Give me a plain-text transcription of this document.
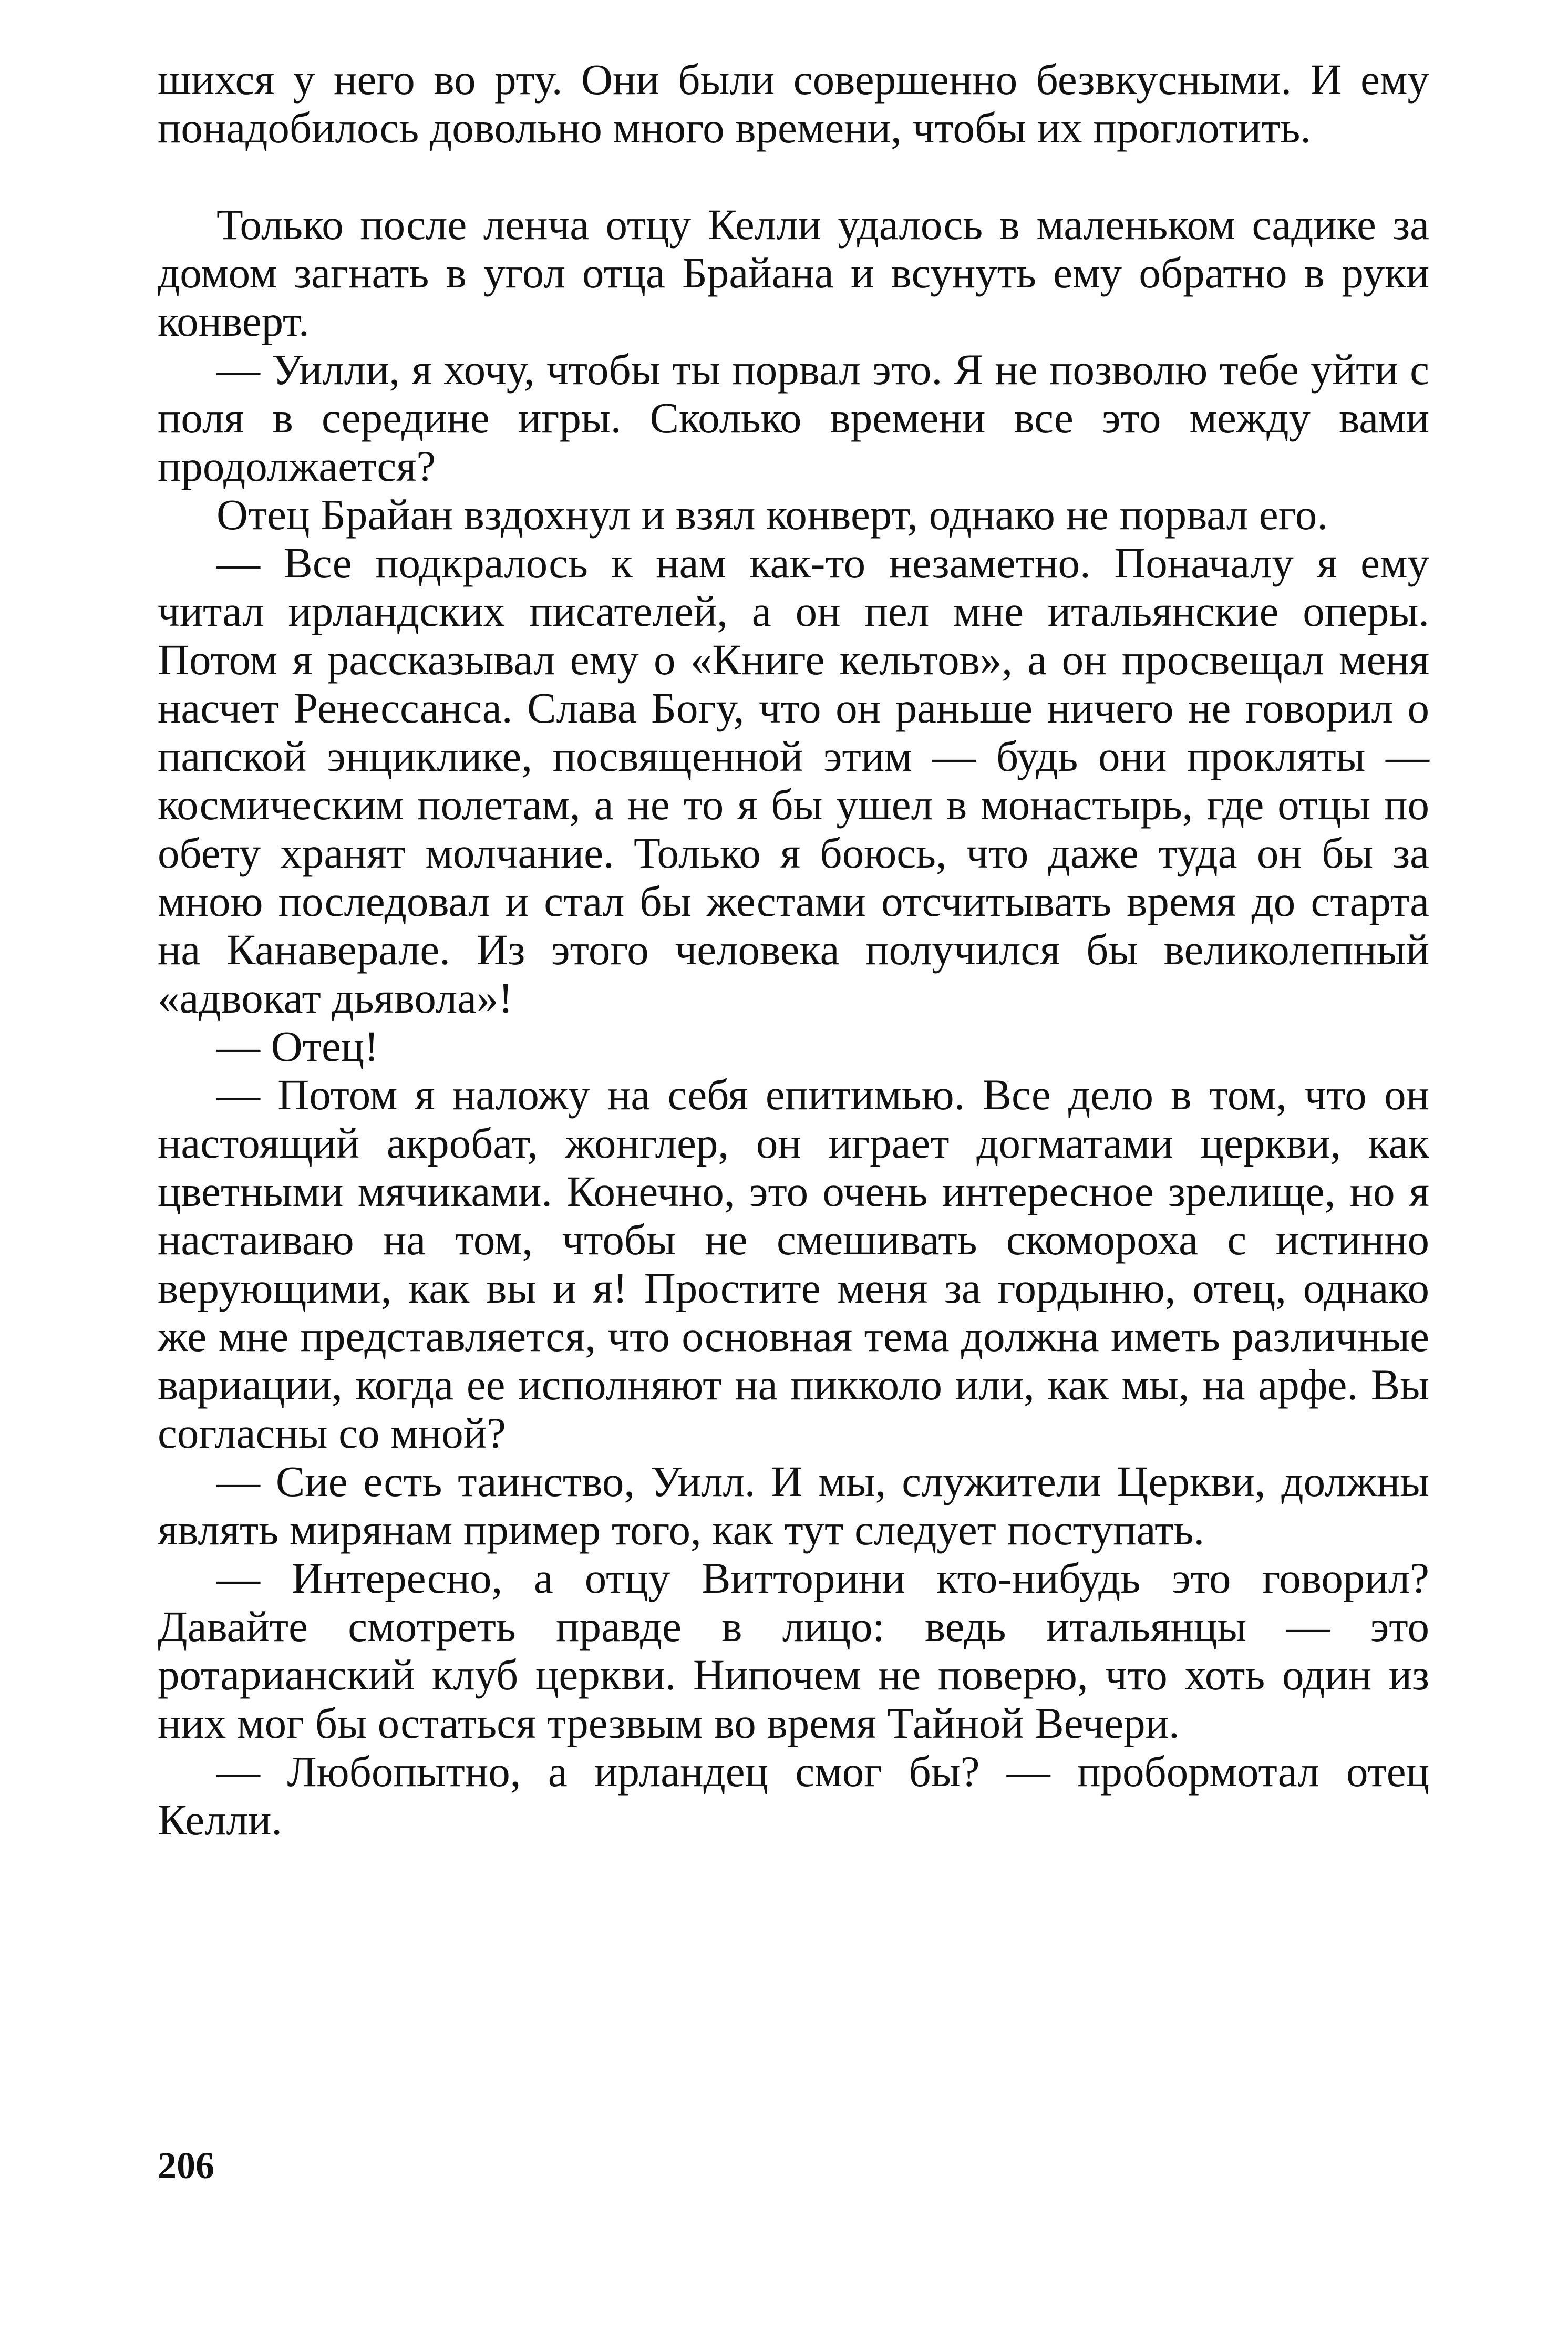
шихся у него во рту. Они были совершенно безвкусными. И ему понадобилось довольно много времени, чтобы их проглотить.

Только после ленча отцу Келли удалось в маленьком садике за домом загнать в угол отца Брайана и всунуть ему обратно в руки конверт.

— Уилли, я хочу, чтобы ты порвал это. Я не позволю тебе уйти с поля в середине игры. Сколько времени все это между вами продолжается?

Отец Брайан вздохнул и взял конверт, однако не порвал его.

— Все подкралось к нам как-то незаметно. Поначалу я ему читал ирландских писателей, а он пел мне итальянские оперы. Потом я рассказывал ему о «Книге кельтов», а он просвещал меня насчет Ренессанса. Слава Богу, что он раньше ничего не говорил о папской энциклике, посвященной этим — будь они прокляты — космическим полетам, а не то я бы ушел в монастырь, где отцы по обету хранят молчание. Только я боюсь, что даже туда он бы за мною последовал и стал бы жестами отсчитывать время до старта на Канаверале. Из этого человека получился бы великолепный «адвокат дьявола»!

— Отец!

— Потом я наложу на себя епитимью. Все дело в том, что он настоящий акробат, жонглер, он играет догматами церкви, как цветными мячиками. Конечно, это очень интересное зрелище, но я настаиваю на том, чтобы не смешивать скомороха с истинно верующими, как вы и я! Простите меня за гордыню, отец, однако же мне представляется, что основная тема должна иметь различные вариации, когда ее исполняют на пикколо или, как мы, на арфе. Вы согласны со мной?

— Сие есть таинство, Уилл. И мы, служители Церкви, должны являть мирянам пример того, как тут следует поступать.

— Интересно, а отцу Витторини кто-нибудь это говорил? Давайте смотреть правде в лицо: ведь итальянцы — это ротарианский клуб церкви. Нипочем не поверю, что хоть один из них мог бы остаться трезвым во время Тайной Вечери.

— Любопытно, а ирландец смог бы? — пробормотал отец Келли.

206
